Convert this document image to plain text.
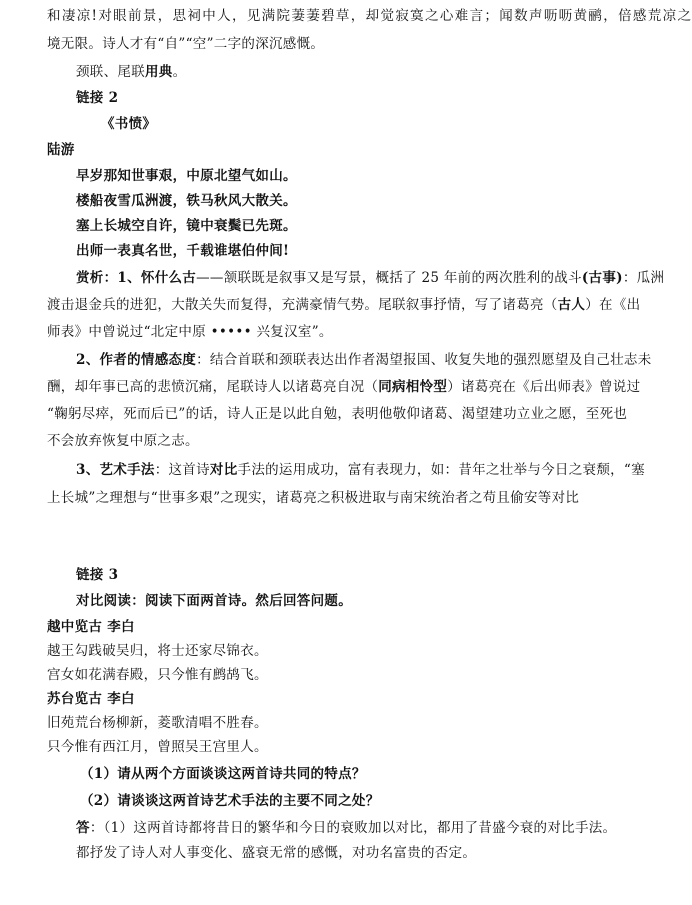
和凄凉!对眼前景，思祠中人，见满院萋萋碧草，却觉寂寞之心难言；闻数声呖呖黄鹂，倍感荒凉之
境无限。诗人才有“自”“空”二字的深沉感慨。
颈联、尾联用典。
链接 2
《书愤》
陆游
早岁那知世事艰，中原北望气如山。
楼船夜雪瓜洲渡，铁马秋风大散关。
塞上长城空自许，镜中衰鬓已先斑。
出师一表真名世，千载谁堪伯仲间!
赏析：1、怀什么古——颔联既是叙事又是写景，概括了 25 年前的两次胜利的战斗(古事)：瓜洲
渡击退金兵的进犯，大散关失而复得，充满豪情气势。尾联叙事抒情，写了诸葛亮（古人）在《出
师表》中曾说过“北定中原 ••••• 兴复汉室”。
2、作者的情感态度：结合首联和颈联表达出作者渴望报国、收复失地的强烈愿望及自己壮志未
酬，却年事已高的悲愤沉痛，尾联诗人以诸葛亮自况（同病相怜型）诸葛亮在《后出师表》曾说过
“鞠躬尽瘁，死而后已”的话，诗人正是以此自勉，表明他敬仰诸葛、渴望建功立业之愿，至死也
不会放弃恢复中原之志。
3、艺术手法：这首诗对比手法的运用成功，富有表现力，如：昔年之壮举与今日之衰颓，“塞
上长城”之理想与“世事多艰”之现实，诸葛亮之积极进取与南宋统治者之苟且偷安等对比
链接 3
对比阅读：阅读下面两首诗。然后回答问题。
越中览古 李白
越王勾践破吴归，将士还家尽锦衣。
宫女如花满春殿，只今惟有鹧鸪飞。
苏台览古 李白
旧苑荒台杨柳新，菱歌清唱不胜春。
只今惟有西江月，曾照吴王宫里人。
（1）请从两个方面谈谈这两首诗共同的特点？
（2）请谈谈这两首诗艺术手法的主要不同之处？
答：（1）这两首诗都将昔日的繁华和今日的衰败加以对比，都用了昔盛今衰的对比手法。
都抒发了诗人对人事变化、盛衰无常的感慨，对功名富贵的否定。
